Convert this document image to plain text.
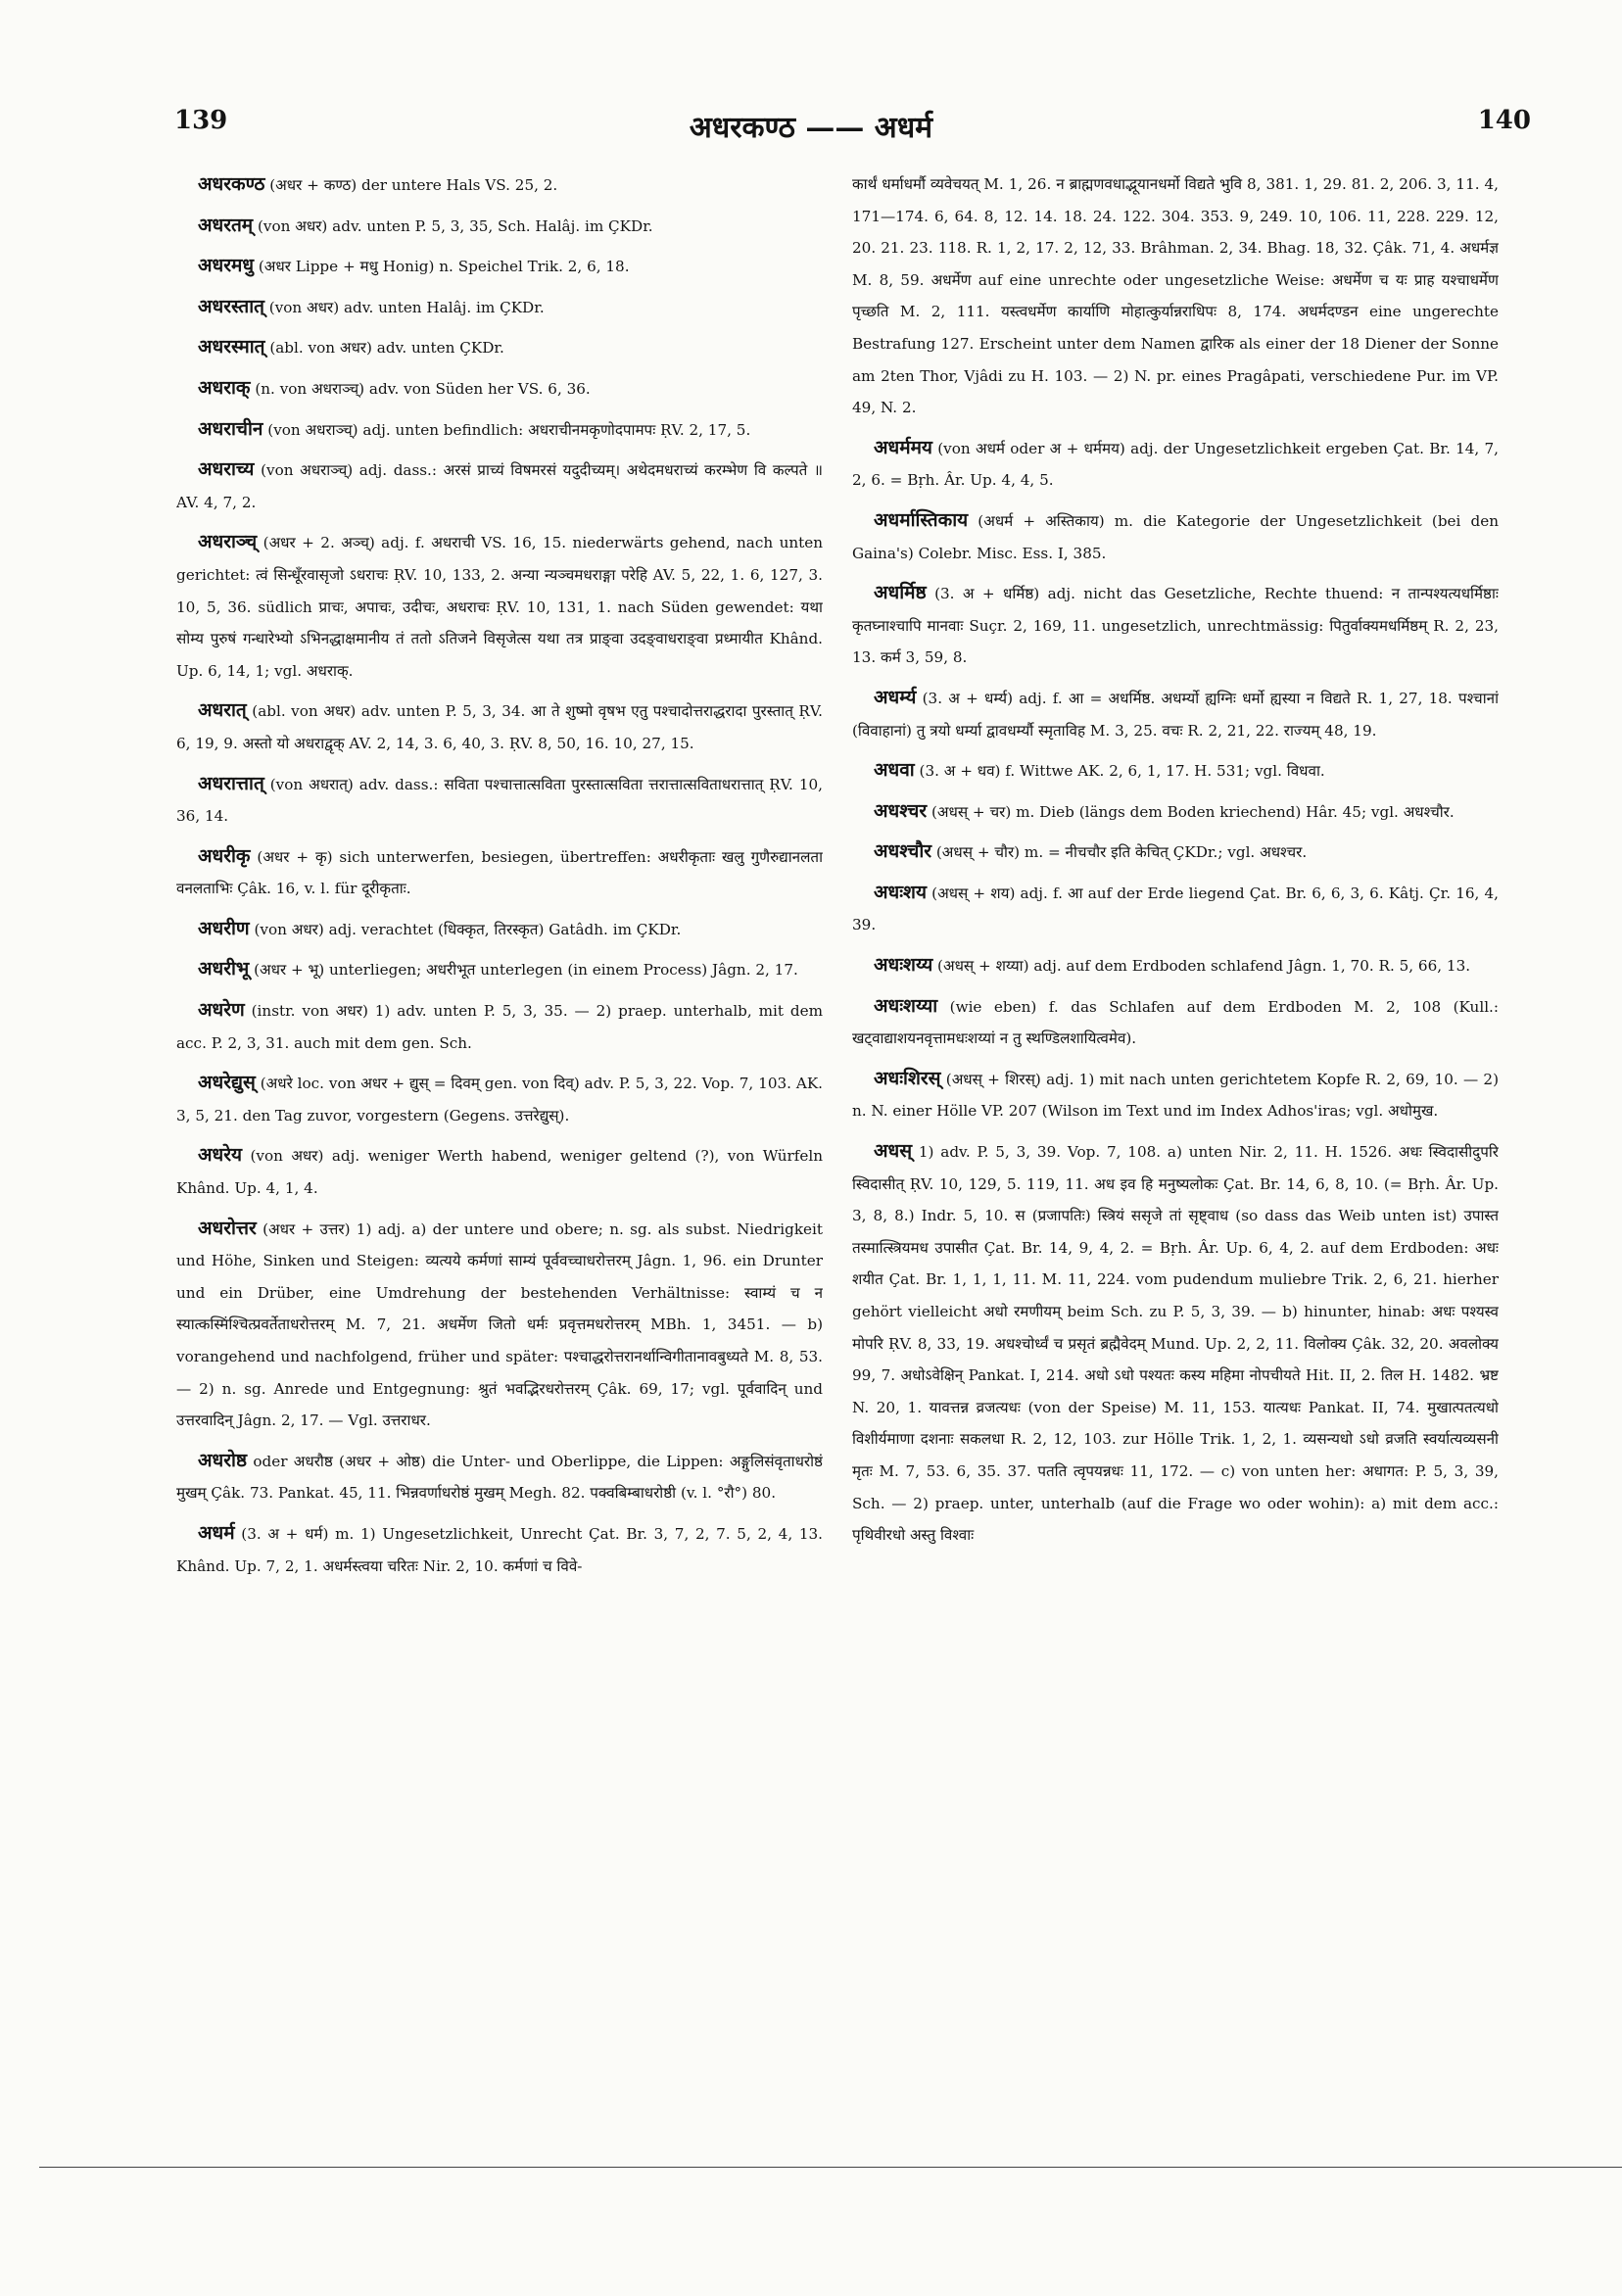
139	अधरकण्ठ —— अधर्म	140

अधरकण्ठ (अधर + कण्ठ) der untere Hals VS. 25, 2.

अधरतम् (von अधर) adv. unten P. 5, 3, 35, Sch. Halâj. im ÇKDr.

अधरमधु (अधर Lippe + मधु Honig) n. Speichel Trik. 2, 6, 18.

अधरस्तात् (von अधर) adv. unten Halâj. im ÇKDr.

अधरस्मात् (abl. von अधर) adv. unten ÇKDr.

अधराक् (n. von अधराञ्च्) adv. von Süden her VS. 6, 36.

अधराचीन (von अधराञ्च्) adj. unten befindlich: अधराचीनमकृणोदपामपः ṚV. 2, 17, 5.

अधराच्य (von अधराञ्च्) adj. dass.: अरसं प्राच्यं विषमरसं यदुदीच्यम्। अथेदमधराच्यं करम्भेण वि कल्पते ॥ AV. 4, 7, 2.

अधराञ्च् (अधर + 2. अञ्च्) adj. f. अधराची VS. 16, 15. niederwärts gehend, nach unten gerichtet: त्वं सिन्धूँरवासृजो ऽधराचः ṚV. 10, 133, 2. अन्या न्यञ्चमधराङ्गा परेहि AV. 5, 22, 1. 6, 127, 3. 10, 5, 36. südlich प्राचः, अपाचः, उदीचः, अधराचः ṚV. 10, 131, 1. nach Süden gewendet: यथा सोम्य पुरुषं गन्धारेभ्यो ऽभिनद्धाक्षमानीय तं ततो ऽतिजने विसृजेत्स यथा तत्र प्राङ्वा उदङ्वाधराङ्वा प्रध्मायीत Khând. Up. 6, 14, 1; vgl. अधराक्.

अधरात् (abl. von अधर) adv. unten P. 5, 3, 34. आ ते शुष्मो वृषभ एतु पश्चादोत्तराद्धरादा पुरस्तात् ṚV. 6, 19, 9. अस्तो यो अधराद्वृक् AV. 2, 14, 3. 6, 40, 3. ṚV. 8, 50, 16. 10, 27, 15.

अधरात्तात् (von अधरात्) adv. dass.: सविता पश्चात्तात्सविता पुरस्तात्सविता त्तरात्तात्सविताधरात्तात् ṚV. 10, 36, 14.

अधरीकृ (अधर + कृ) sich unterwerfen, besiegen, übertreffen: अधरीकृताः खलु गुणैरुद्यानलता वनलताभिः Çâk. 16, v. l. für दूरीकृताः.

अधरीण (von अधर) adj. verachtet (धिक्कृत, तिरस्कृत) Gatâdh. im ÇKDr.

अधरीभू (अधर + भू) unterliegen; अधरीभूत unterlegen (in einem Process) Jâgn. 2, 17.

अधरेण (instr. von अधर) 1) adv. unten P. 5, 3, 35. — 2) praep. unterhalb, mit dem acc. P. 2, 3, 31. auch mit dem gen. Sch.

अधरेद्युस् (अधरे loc. von अधर + द्युस् = दिवम् gen. von दिव्) adv. P. 5, 3, 22. Vop. 7, 103. AK. 3, 5, 21. den Tag zuvor, vorgestern (Gegens. उत्तरेद्युस्).

अधरेय (von अधर) adj. weniger Werth habend, weniger geltend (?), von Würfeln Khând. Up. 4, 1, 4.

अधरोत्तर (अधर + उत्तर) 1) adj. a) der untere und obere; n. sg. als subst. Niedrigkeit und Höhe, Sinken und Steigen: व्यत्यये कर्मणां साम्यं पूर्ववच्चाधरोत्तरम् Jâgn. 1, 96. ein Drunter und ein Drüber, eine Umdrehung der bestehenden Verhältnisse: स्वाम्यं च न स्यात्कस्मिंश्चित्प्रवर्तेताधरोत्तरम् M. 7, 21. अधर्मेण जितो धर्मः प्रवृत्तमधरोत्तरम् MBh. 1, 3451. — b) vorangehend und nachfolgend, früher und später: पश्चाद्धरोत्तरानर्थान्विगीतानावबुध्यते M. 8, 53. — 2) n. sg. Anrede und Entgegnung: श्रुतं भवद्भिरधरोत्तरम् Çâk. 69, 17; vgl. पूर्ववादिन् und उत्तरवादिन् Jâgn. 2, 17. — Vgl. उत्तराधर.

अधरोष्ठ oder अधरौष्ठ (अधर + ओष्ठ) die Unter- und Oberlippe, die Lippen: अङ्गुलिसंवृताधरोष्ठं मुखम् Çâk. 73. Pankat. 45, 11. भिन्नवर्णाधरोष्ठं मुखम् Megh. 82. पक्वबिम्बाधरोष्ठी (v. l. °रौ°) 80.

अधर्म (3. अ + धर्म) m. 1) Ungesetzlichkeit, Unrecht Çat. Br. 3, 7, 2, 7. 5, 2, 4, 13. Khând. Up. 7, 2, 1. अधर्मस्त्वया चरितः Nir. 2, 10. कर्मणां च विवे-

कार्थं धर्माधर्मौ व्यवेचयत् M. 1, 26. न ब्राह्मणवधाद्भूयानधर्मो विद्यते भुवि 8, 381. 1, 29. 81. 2, 206. 3, 11. 4, 171—174. 6, 64. 8, 12. 14. 18. 24. 122. 304. 353. 9, 249. 10, 106. 11, 228. 229. 12, 20. 21. 23. 118. R. 1, 2, 17. 2, 12, 33. Brâhman. 2, 34. Bhag. 18, 32. Çâk. 71, 4. अधर्मज्ञ M. 8, 59. अधर्मेण auf eine unrechte oder ungesetzliche Weise: अधर्मेण च यः प्राह यश्चाधर्मेण पृच्छति M. 2, 111. यस्त्वधर्मेण कार्याणि मोहात्कुर्यान्नराधिपः 8, 174. अधर्मदण्डन eine ungerechte Bestrafung 127. Erscheint unter dem Namen द्वारिक als einer der 18 Diener der Sonne am 2ten Thor, Vjâdi zu H. 103. — 2) N. pr. eines Pragâpati, verschiedene Pur. im VP. 49, N. 2.

अधर्ममय (von अधर्म oder अ + धर्ममय) adj. der Ungesetzlichkeit ergeben Çat. Br. 14, 7, 2, 6. = Bṛh. Âr. Up. 4, 4, 5.

अधर्मास्तिकाय (अधर्म + अस्तिकाय) m. die Kategorie der Ungesetzlichkeit (bei den Gaina's) Colebr. Misc. Ess. I, 385.

अधर्मिष्ठ (3. अ + धर्मिष्ठ) adj. nicht das Gesetzliche, Rechte thuend: न तान्पश्यत्यधर्मिष्ठाः कृतघ्नाश्चापि मानवाः Suçr. 2, 169, 11. ungesetzlich, unrechtmässig: पितुर्वाक्यमधर्मिष्ठम् R. 2, 23, 13. कर्म 3, 59, 8.

अधर्म्य (3. अ + धर्म्य) adj. f. आ = अधर्मिष्ठ. अधर्म्यो ह्यग्निः धर्मो ह्यस्या न विद्यते R. 1, 27, 18. पश्चानां (विवाहानां) तु त्रयो धर्म्या द्वावधर्म्यौ स्मृताविह M. 3, 25. वचः R. 2, 21, 22. राज्यम् 48, 19.

अधवा (3. अ + धव) f. Wittwe AK. 2, 6, 1, 17. H. 531; vgl. विधवा.

अधश्चर (अधस् + चर) m. Dieb (längs dem Boden kriechend) Hâr. 45; vgl. अधश्चौर.

अधश्चौर (अधस् + चौर) m. = नीचचौर इति केचित् ÇKDr.; vgl. अधश्चर.

अधःशय (अधस् + शय) adj. f. आ auf der Erde liegend Çat. Br. 6, 6, 3, 6. Kâtj. Çr. 16, 4, 39.

अधःशय्य (अधस् + शय्या) adj. auf dem Erdboden schlafend Jâgn. 1, 70. R. 5, 66, 13.

अधःशय्या (wie eben) f. das Schlafen auf dem Erdboden M. 2, 108 (Kull.: खट्वाद्याशयनवृत्तामधःशय्यां न तु स्थण्डिलशायित्वमेव).

अधःशिरस् (अधस् + शिरस्) adj. 1) mit nach unten gerichtetem Kopfe R. 2, 69, 10. — 2) n. N. einer Hölle VP. 207 (Wilson im Text und im Index Adhos'iras; vgl. अधोमुख.

अधस् 1) adv. P. 5, 3, 39. Vop. 7, 108. a) unten Nir. 2, 11. H. 1526. अधः स्विदासीदुपरि स्विदासीत् ṚV. 10, 129, 5. 119, 11. अध इव हि मनुष्यलोकः Çat. Br. 14, 6, 8, 10. (= Bṛh. Âr. Up. 3, 8, 8.) Indr. 5, 10. स (प्रजापतिः) स्त्रियं ससृजे तां सृष्ट्वाध (so dass das Weib unten ist) उपास्त तस्मात्स्त्रियमध उपासीत Çat. Br. 14, 9, 4, 2. = Bṛh. Âr. Up. 6, 4, 2. auf dem Erdboden: अधः शयीत Çat. Br. 1, 1, 1, 11. M. 11, 224. vom pudendum muliebre Trik. 2, 6, 21. hierher gehört vielleicht अधो रमणीयम् beim Sch. zu P. 5, 3, 39. — b) hinunter, hinab: अधः पश्यस्व मोपरि ṚV. 8, 33, 19. अधश्चोर्ध्वं च प्रसृतं ब्रह्मैवेदम् Mund. Up. 2, 2, 11. विलोक्य Çâk. 32, 20. अवलोक्य 99, 7. अधोऽवेक्षिन् Pankat. I, 214. अधो ऽधो पश्यतः कस्य महिमा नोपचीयते Hit. II, 2. तिल H. 1482. भ्रष्ट N. 20, 1. यावत्तन्न व्रजत्यधः (von der Speise) M. 11, 153. यात्यधः Pankat. II, 74. मुखात्पतत्यधो विशीर्यमाणा दशनाः सकलधा R. 2, 12, 103. zur Hölle Trik. 1, 2, 1. व्यसन्यधो ऽधो व्रजति स्वर्यात्यव्यसनी मृतः M. 7, 53. 6, 35. 37. पतति त्वृपयन्नधः 11, 172. — c) von unten her: अधागत: P. 5, 3, 39, Sch. — 2) praep. unter, unterhalb (auf die Frage wo oder wohin): a) mit dem acc.: पृथिवीरधो अस्तु विश्वाः
